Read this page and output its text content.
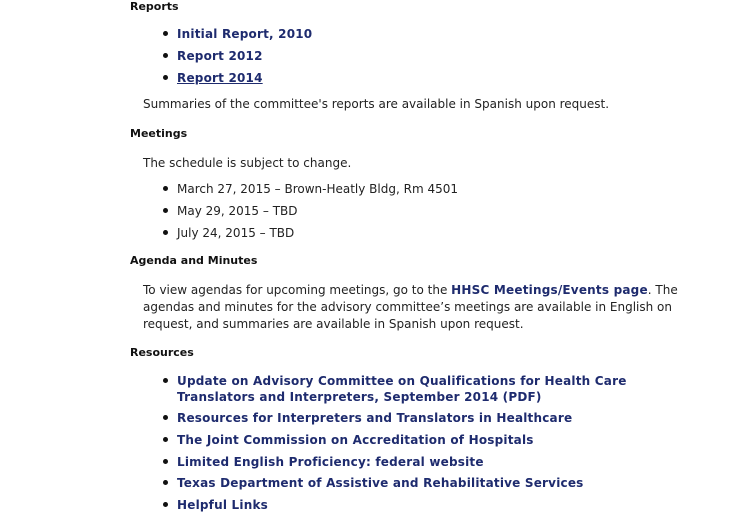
Reports
Initial Report, 2010
Report 2012
Report 2014

Summaries of the committee's reports are available in Spanish upon request.

Meetings

The schedule is subject to change.

March 27, 2015 – Brown-Heatly Bldg, Rm 4501
May 29, 2015 – TBD
July 24, 2015 – TBD
Agenda and Minutes

To view agendas for upcoming meetings, go to the HHSC Meetings/Events page. The agendas and minutes for the advisory committee’s meetings are available in English on request, and summaries are available in Spanish upon request.

Resources
Update on Advisory Committee on Qualifications for Health Care Translators and Interpreters, September 2014 (PDF)
Resources for Interpreters and Translators in Healthcare
The Joint Commission on Accreditation of Hospitals
Limited English Proficiency: federal website
Texas Department of Assistive and Rehabilitative Services
Helpful Links
